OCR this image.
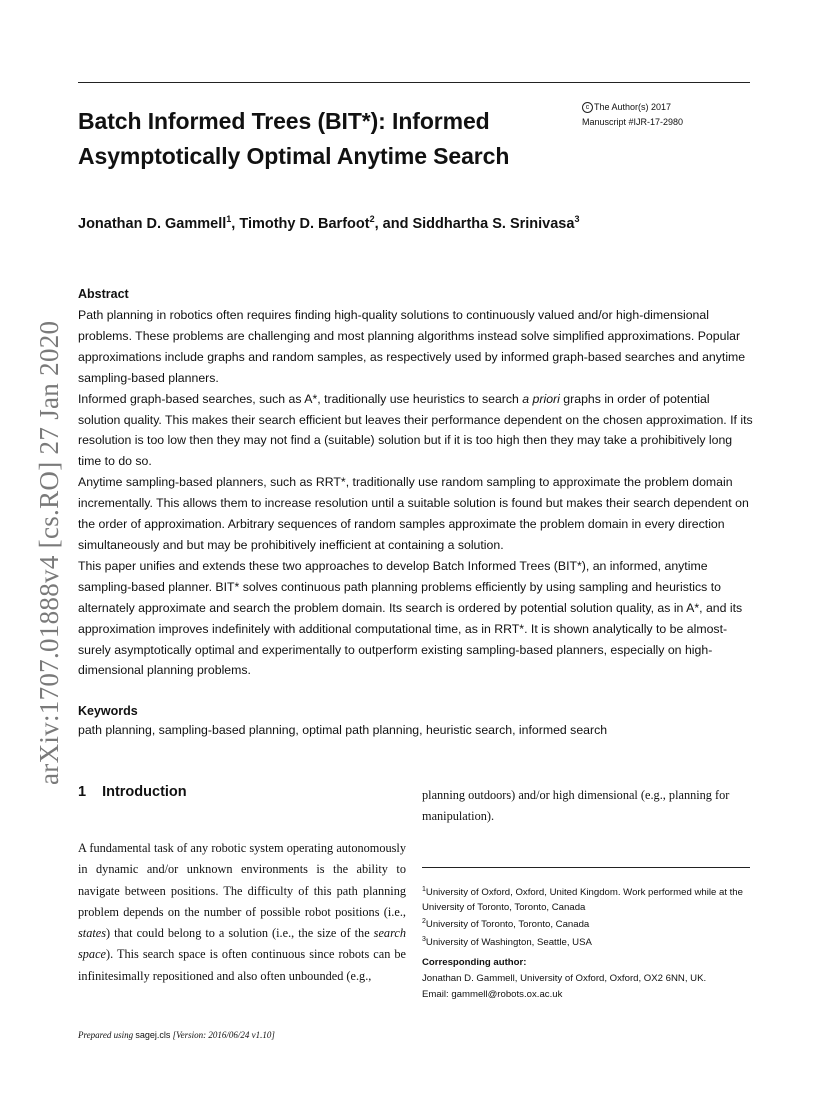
c The Author(s) 2017
Manuscript #IJR-17-2980
Batch Informed Trees (BIT*): Informed
Asymptotically Optimal Anytime Search
Jonathan D. Gammell$^1$, Timothy D. Barfoot$^2$, and Siddhartha S. Srinivasa$^3$
arXiv:1707.01888v4 [cs.RO] 27 Jan 2020
Abstract

Path planning in robotics often requires finding high-quality solutions to continuously valued and/or high-dimensional problems. These problems are challenging and most planning algorithms instead solve simplified approximations. Popular approximations include graphs and random samples, as respectively used by informed graph-based searches and anytime sampling-based planners.

Informed graph-based searches, such as A*, traditionally use heuristics to search a priori graphs in order of potential solution quality. This makes their search efficient but leaves their performance dependent on the chosen approximation. If its resolution is too low then they may not find a (suitable) solution but if it is too high then they may take a prohibitively long time to do so.

Anytime sampling-based planners, such as RRT*, traditionally use random sampling to approximate the problem domain incrementally. This allows them to increase resolution until a suitable solution is found but makes their search dependent on the order of approximation. Arbitrary sequences of random samples approximate the problem domain in every direction simultaneously and but may be prohibitively inefficient at containing a solution.

This paper unifies and extends these two approaches to develop Batch Informed Trees (BIT*), an informed, anytime sampling-based planner. BIT* solves continuous path planning problems efficiently by using sampling and heuristics to alternately approximate and search the problem domain. Its search is ordered by potential solution quality, as in A*, and its approximation improves indefinitely with additional computational time, as in RRT*. It is shown analytically to be almost-surely asymptotically optimal and experimentally to outperform existing sampling-based planners, especially on high-dimensional planning problems.

Keywords
path planning, sampling-based planning, optimal path planning, heuristic search, informed search
1 Introduction

A fundamental task of any robotic system operating autonomously in dynamic and/or unknown environments is the ability to navigate between positions. The difficulty of this path planning problem depends on the number of possible robot positions (i.e., states) that could belong to a solution (i.e., the size of the search space). This search space is often continuous since robots can be infinitesimally repositioned and also often unbounded (e.g.,

planning outdoors) and/or high dimensional (e.g., planning for manipulation).
$^1$University of Oxford, Oxford, United Kingdom. Work performed while at the University of Toronto, Toronto, Canada
$^2$University of Toronto, Toronto, Canada
$^3$University of Washington, Seattle, USA
Corresponding author:
Jonathan D. Gammell, University of Oxford, Oxford, OX2 6NN, UK.
Email: gammell@robots.ox.ac.uk
Prepared using sagej.cls [Version: 2016/06/24 v1.10]
